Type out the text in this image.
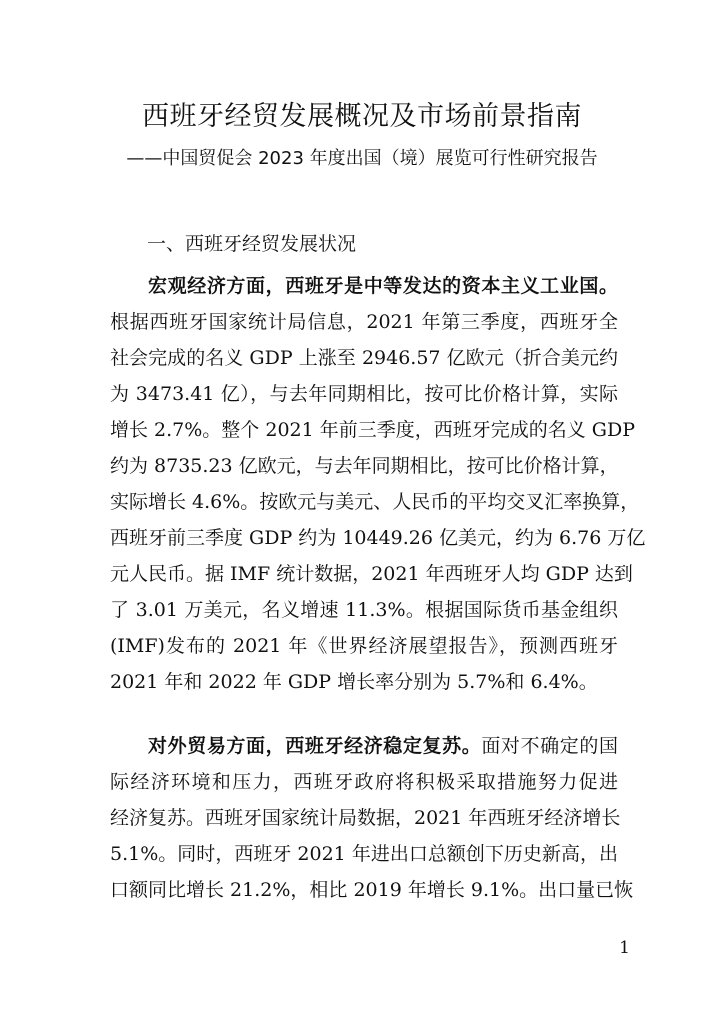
西班牙经贸发展概况及市场前景指南
——中国贸促会 2023 年度出国（境）展览可行性研究报告
一、西班牙经贸发展状况
宏观经济方面，西班牙是中等发达的资本主义工业国。
根据西班牙国家统计局信息，2021 年第三季度，西班牙全
社会完成的名义 GDP 上涨至 2946.57 亿欧元（折合美元约
为 3473.41 亿），与去年同期相比，按可比价格计算，实际
增长 2.7%。整个 2021 年前三季度，西班牙完成的名义 GDP
约为 8735.23 亿欧元，与去年同期相比，按可比价格计算，
实际增长 4.6%。按欧元与美元、人民币的平均交叉汇率换算，
西班牙前三季度 GDP 约为 10449.26 亿美元，约为 6.76 万亿
元人民币。据 IMF 统计数据，2021 年西班牙人均 GDP 达到
了 3.01 万美元，名义增速 11.3%。根据国际货币基金组织
(IMF)发布的 2021 年《世界经济展望报告》，预测西班牙
2021 年和 2022 年 GDP 增长率分别为 5.7%和 6.4%。
对外贸易方面，西班牙经济稳定复苏。面对不确定的国
际经济环境和压力，西班牙政府将积极采取措施努力促进
经济复苏。西班牙国家统计局数据，2021 年西班牙经济增长
5.1%。同时，西班牙 2021 年进出口总额创下历史新高，出
口额同比增长 21.2%，相比 2019 年增长 9.1%。出口量已恢
1
